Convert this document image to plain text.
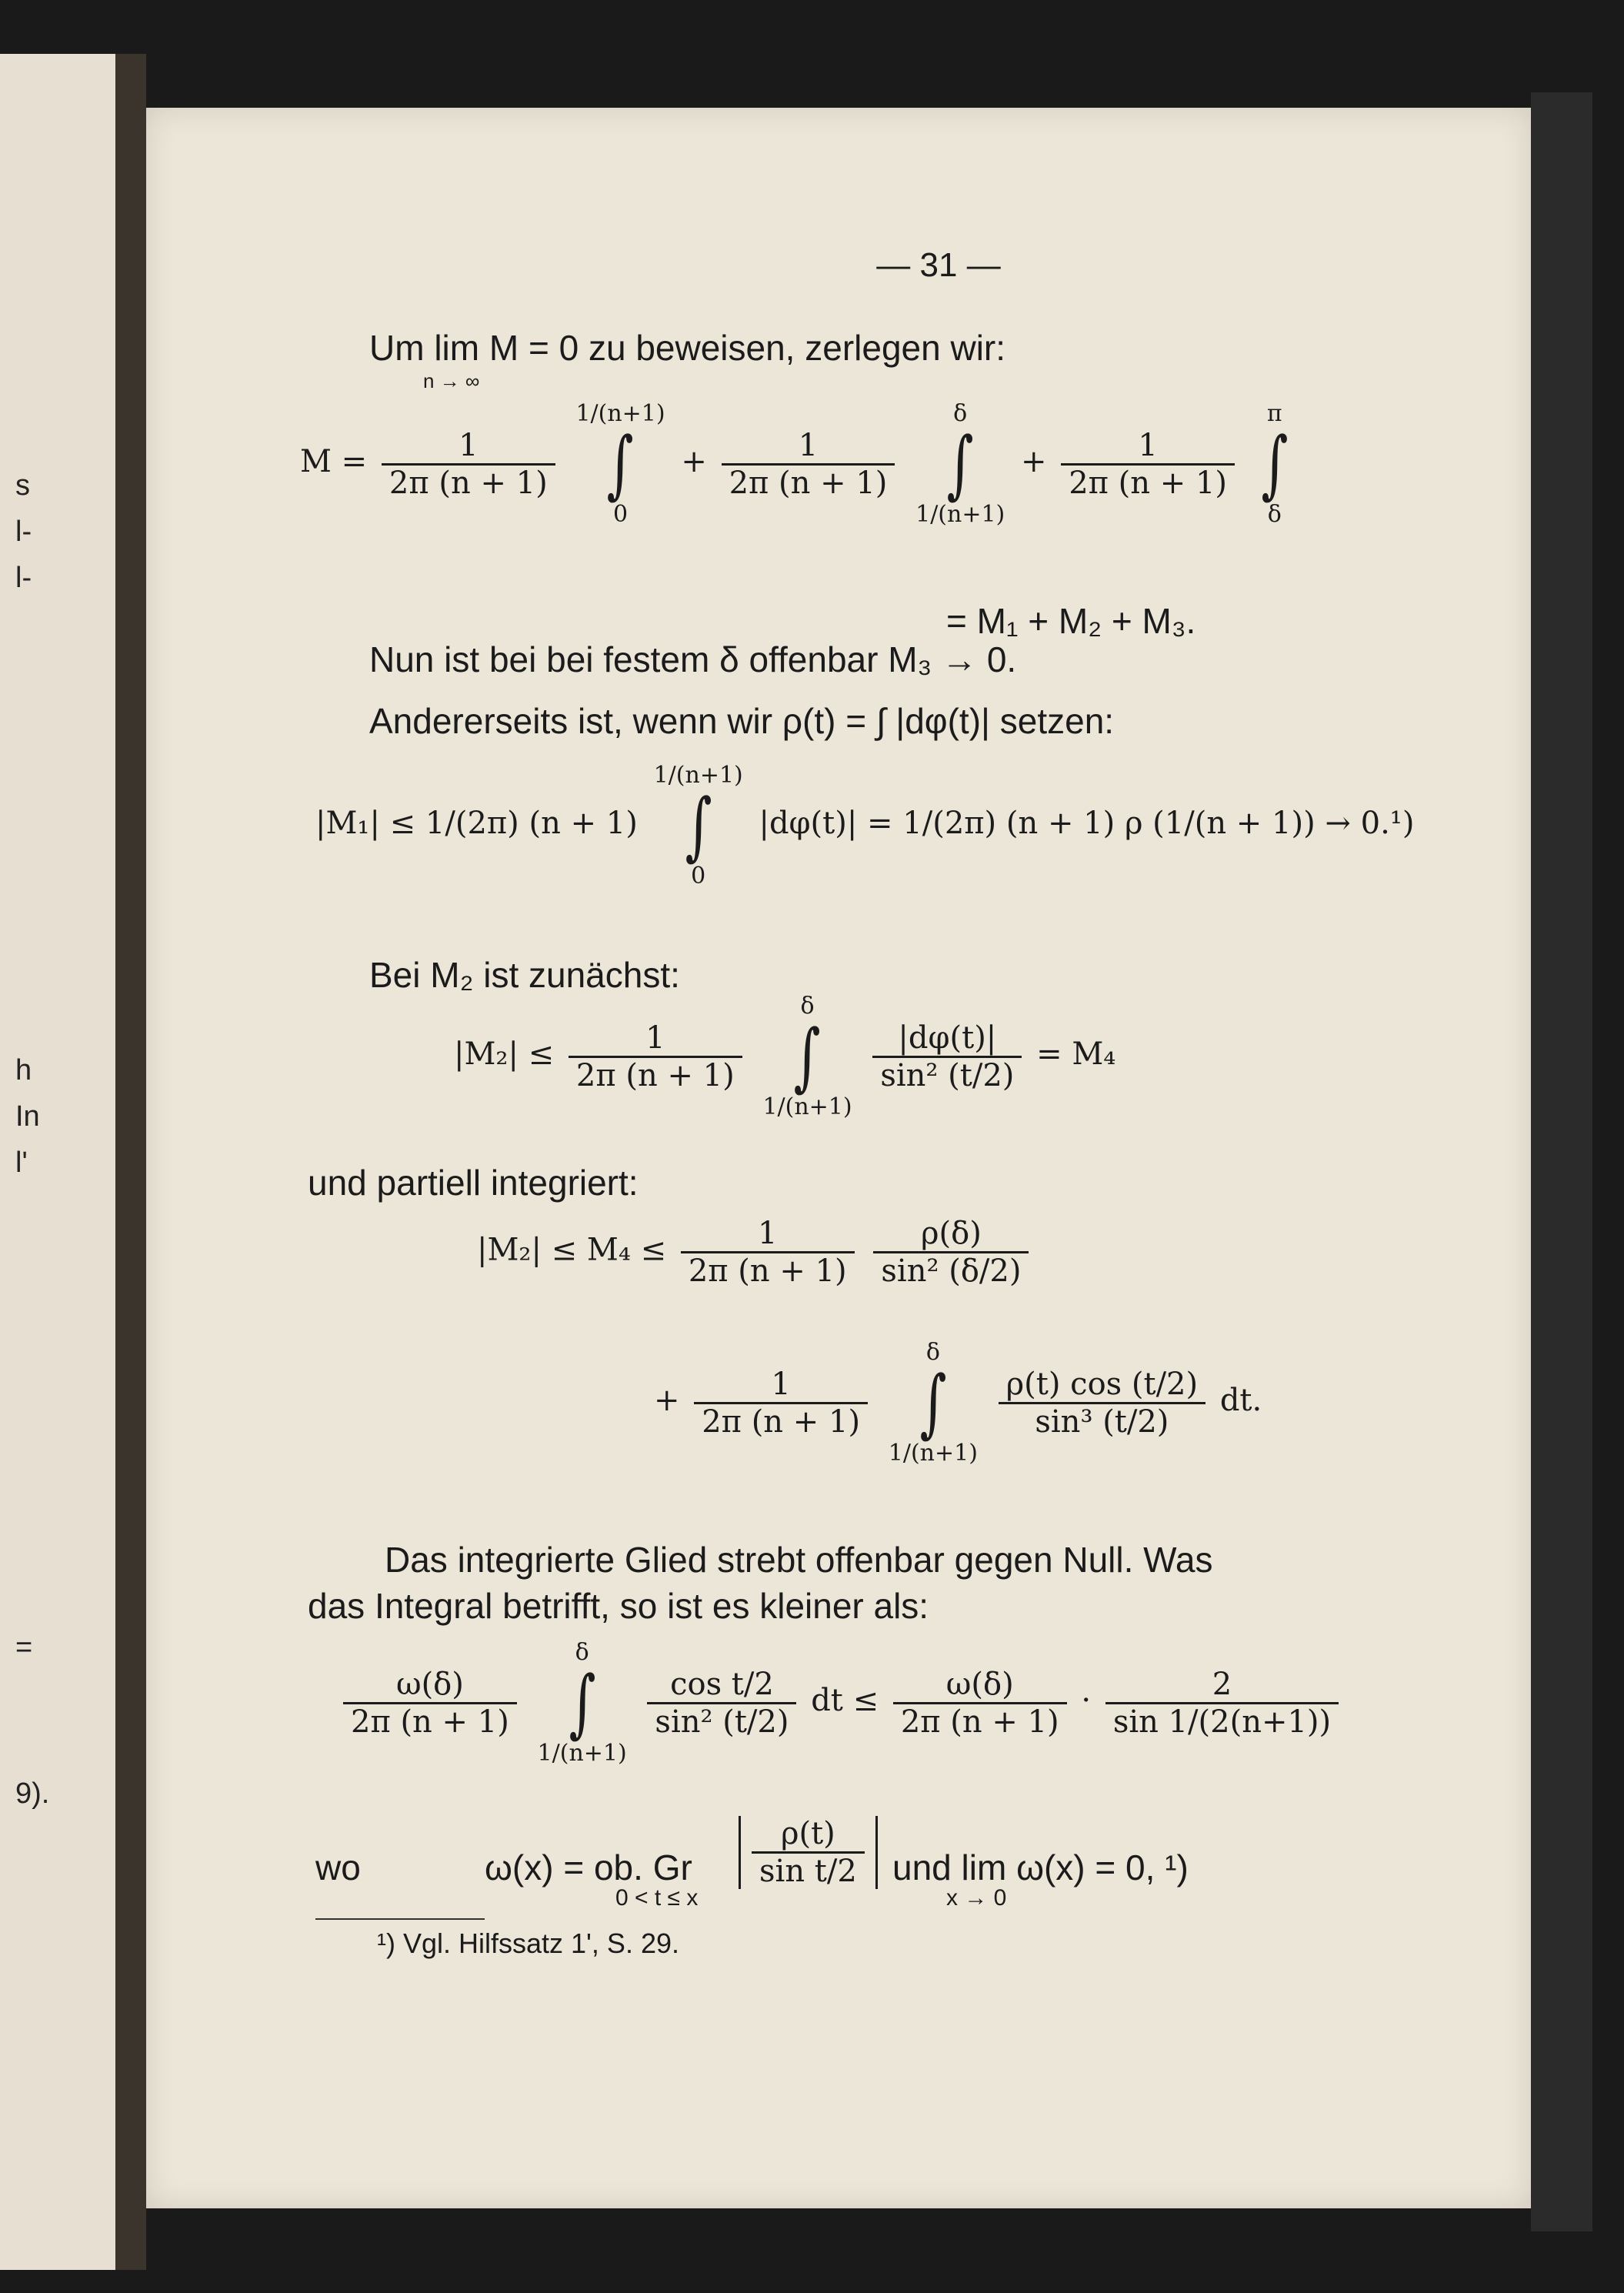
s
l-
l-
h
In
l'
=
9).
— 31 —
Um lim M = 0 zu beweisen, zerlegen wir:
n → ∞
$M = \frac{1}{2\pi (n + 1)}$

1/(n+1)
∫
0
+ $\frac{1}{2\pi (n + 1)}$

δ
∫
1/(n+1)
+ $\frac{1}{2\pi (n + 1)}$

π
∫
δ
= M₁ + M₂ + M₃.
Nun ist bei bei festem δ offenbar M₃ → 0.
Andererseits ist, wenn wir ρ(t) = ∫ |dφ(t)| setzen:
|M₁| ≤ 1/(2π) (n + 1)
1/(n+1)
∫
0
|dφ(t)| = 1/(2π) (n + 1) ρ (1/(n + 1)) → 0.¹)
Bei M₂ ist zunächst:
$|M_2| \le \frac{1}{2\pi (n + 1)}$

δ
∫
1/(n+1)

$\frac{|d\varphi(t)|}{\text{sin² (t/2)}} = M_4$
und partiell integriert:
$|M_2| \le M_4 \le \frac{1}{2\pi (n + 1)}$
$\frac{\rho(\delta)}{\text{sin² (δ/2)}}$
+ $\frac{1}{2\pi (n + 1)}$

δ
∫
1/(n+1)

$\frac{\rho(t) \cos (t/2)}{\text{sin³ (t/2)}}$ dt.
Das integrierte Glied strebt offenbar gegen Null. Was
das Integral betrifft, so ist es kleiner als:
$\frac{\omega(\delta)}{2\pi (n + 1)}$

δ
∫
1/(n+1)

$\frac{\text{cos t/2}}{\text{sin² (t/2)}}$ dt ≤ $\frac{\omega(\delta)}{2\pi (n + 1)} \cdot \frac{2}{\sin 1/(2(n+1))}$
wo	ω(x) = ob. Gr
0 < t ≤ x
$\frac{\rho(t)}{\text{sin t/2}}$ und lim ω(x) = 0, ¹)
x → 0
¹) Vgl. Hilfssatz 1', S. 29.
